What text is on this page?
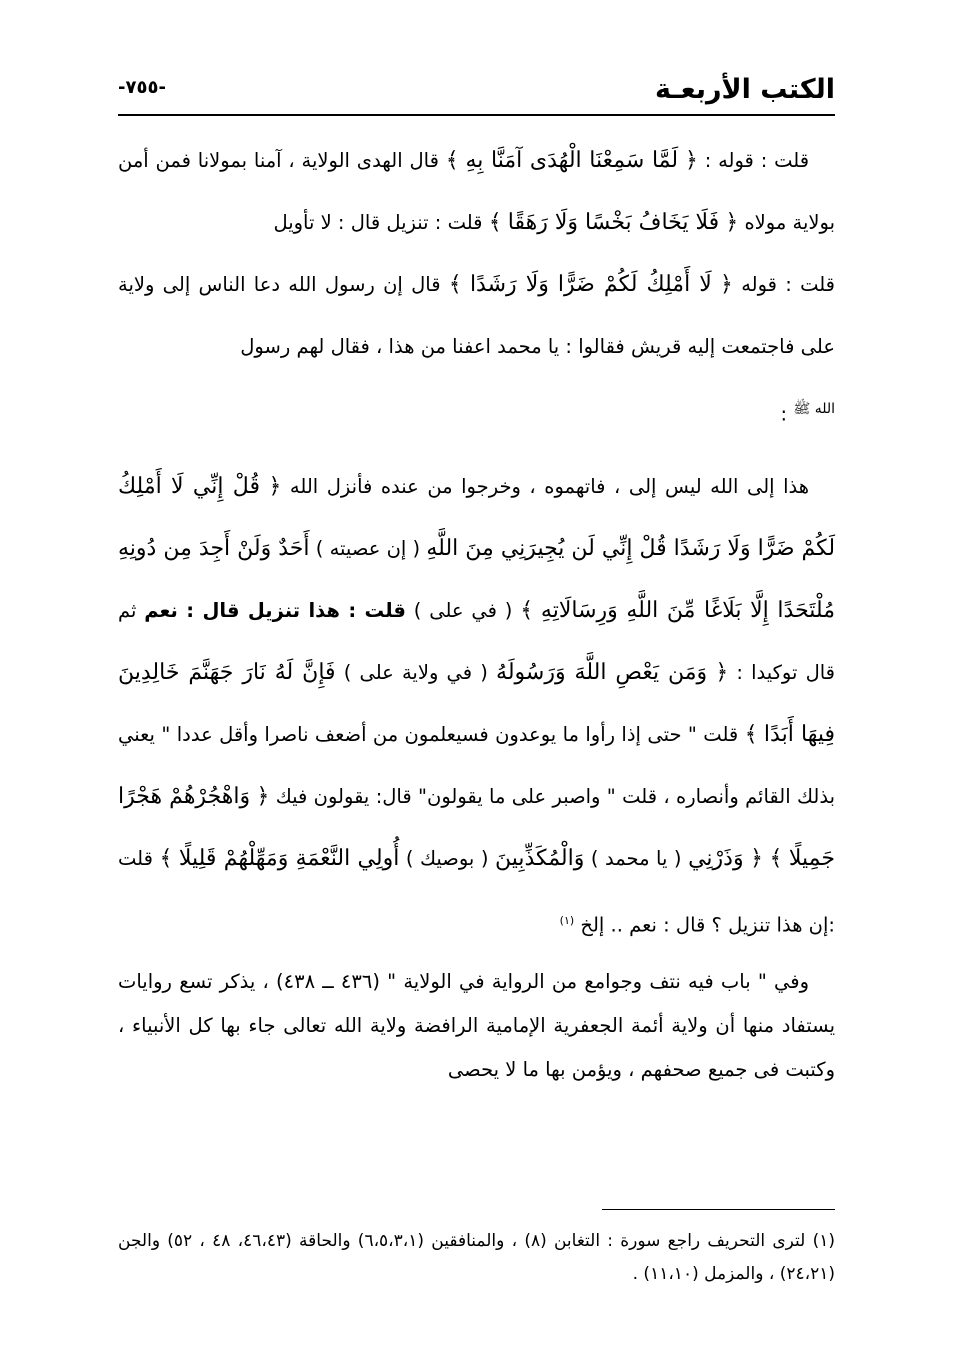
الكتب الأربعـة
-٧٥٥-

قلت : قوله : ﴿ لَمَّا سَمِعْنَا الْهُدَى آمَنَّا بِهِ ﴾ قال الهدى الولاية ، آمنا بمولانا فمن أمن بولاية مولاه ﴿ فَلَا يَخَافُ بَخْسًا وَلَا رَهَقًا ﴾ قلت : تنزيل قال : لا تأويل

قلت : قوله ﴿ لَا أَمْلِكُ لَكُمْ ضَرًّا وَلَا رَشَدًا ﴾ قال إن رسول الله دعا الناس إلى ولاية على فاجتمعت إليه قريش فقالوا : يا محمد اعفنا من هذا ، فقال لهم رسول
$^{الله ﷺ}$ :

هذا إلى الله ليس إلى ، فاتهموه ، وخرجوا من عنده فأنزل الله ﴿ قُلْ إِنِّي لَا أَمْلِكُ لَكُمْ ضَرًّا وَلَا رَشَدًا قُلْ إِنِّي لَن يُجِيرَنِي مِنَ اللَّهِ ( إن عصيته ) أَحَدٌ وَلَنْ أَجِدَ مِن دُونِهِ مُلْتَحَدًا إِلَّا بَلَاغًا مِّنَ اللَّهِ وَرِسَالَاتِهِ ﴾ ( في على ) قلت : هذا تنزيل قال : نعم ثم قال توكيدا : ﴿ وَمَن يَعْصِ اللَّهَ وَرَسُولَهُ ( في ولاية على ) فَإِنَّ لَهُ نَارَ جَهَنَّمَ خَالِدِينَ فِيهَا أَبَدًا ﴾ قلت " حتى إذا رأوا ما يوعدون فسيعلمون من أضعف ناصرا وأقل عددا " يعني بذلك القائم وأنصاره ، قلت " واصبر على ما يقولون" قال: يقولون فيك ﴿ وَاهْجُرْهُمْ هَجْرًا جَمِيلًا ﴾ ﴿ وَذَرْنِي ( يا محمد ) وَالْمُكَذِّبِينَ ( بوصيك ) أُولِي النَّعْمَةِ وَمَهِّلْهُمْ قَلِيلًا ﴾ قلت :إن هذا تنزيل ؟ قال : نعم .. إلخ $^{(١)}$

وفي " باب فيه نتف وجوامع من الرواية في الولاية " (٤٣٦ ــ ٤٣٨) ، يذكر تسع روايات يستفاد منها أن ولاية أئمة الجعفرية الإمامية الرافضة ولاية الله تعالى جاء بها كل الأنبياء ، وكتبت فى جميع صحفهم ، ويؤمن بها ما لا يحصى

(١) لترى التحريف راجع سورة : التغابن (٨) ، والمنافقين (٦،٥،٣،١) والحاقة (٤٦،٤٣، ٤٨ ، ٥٢) والجن (٢٤،٢١) ، والمزمل (١١،١٠) .
